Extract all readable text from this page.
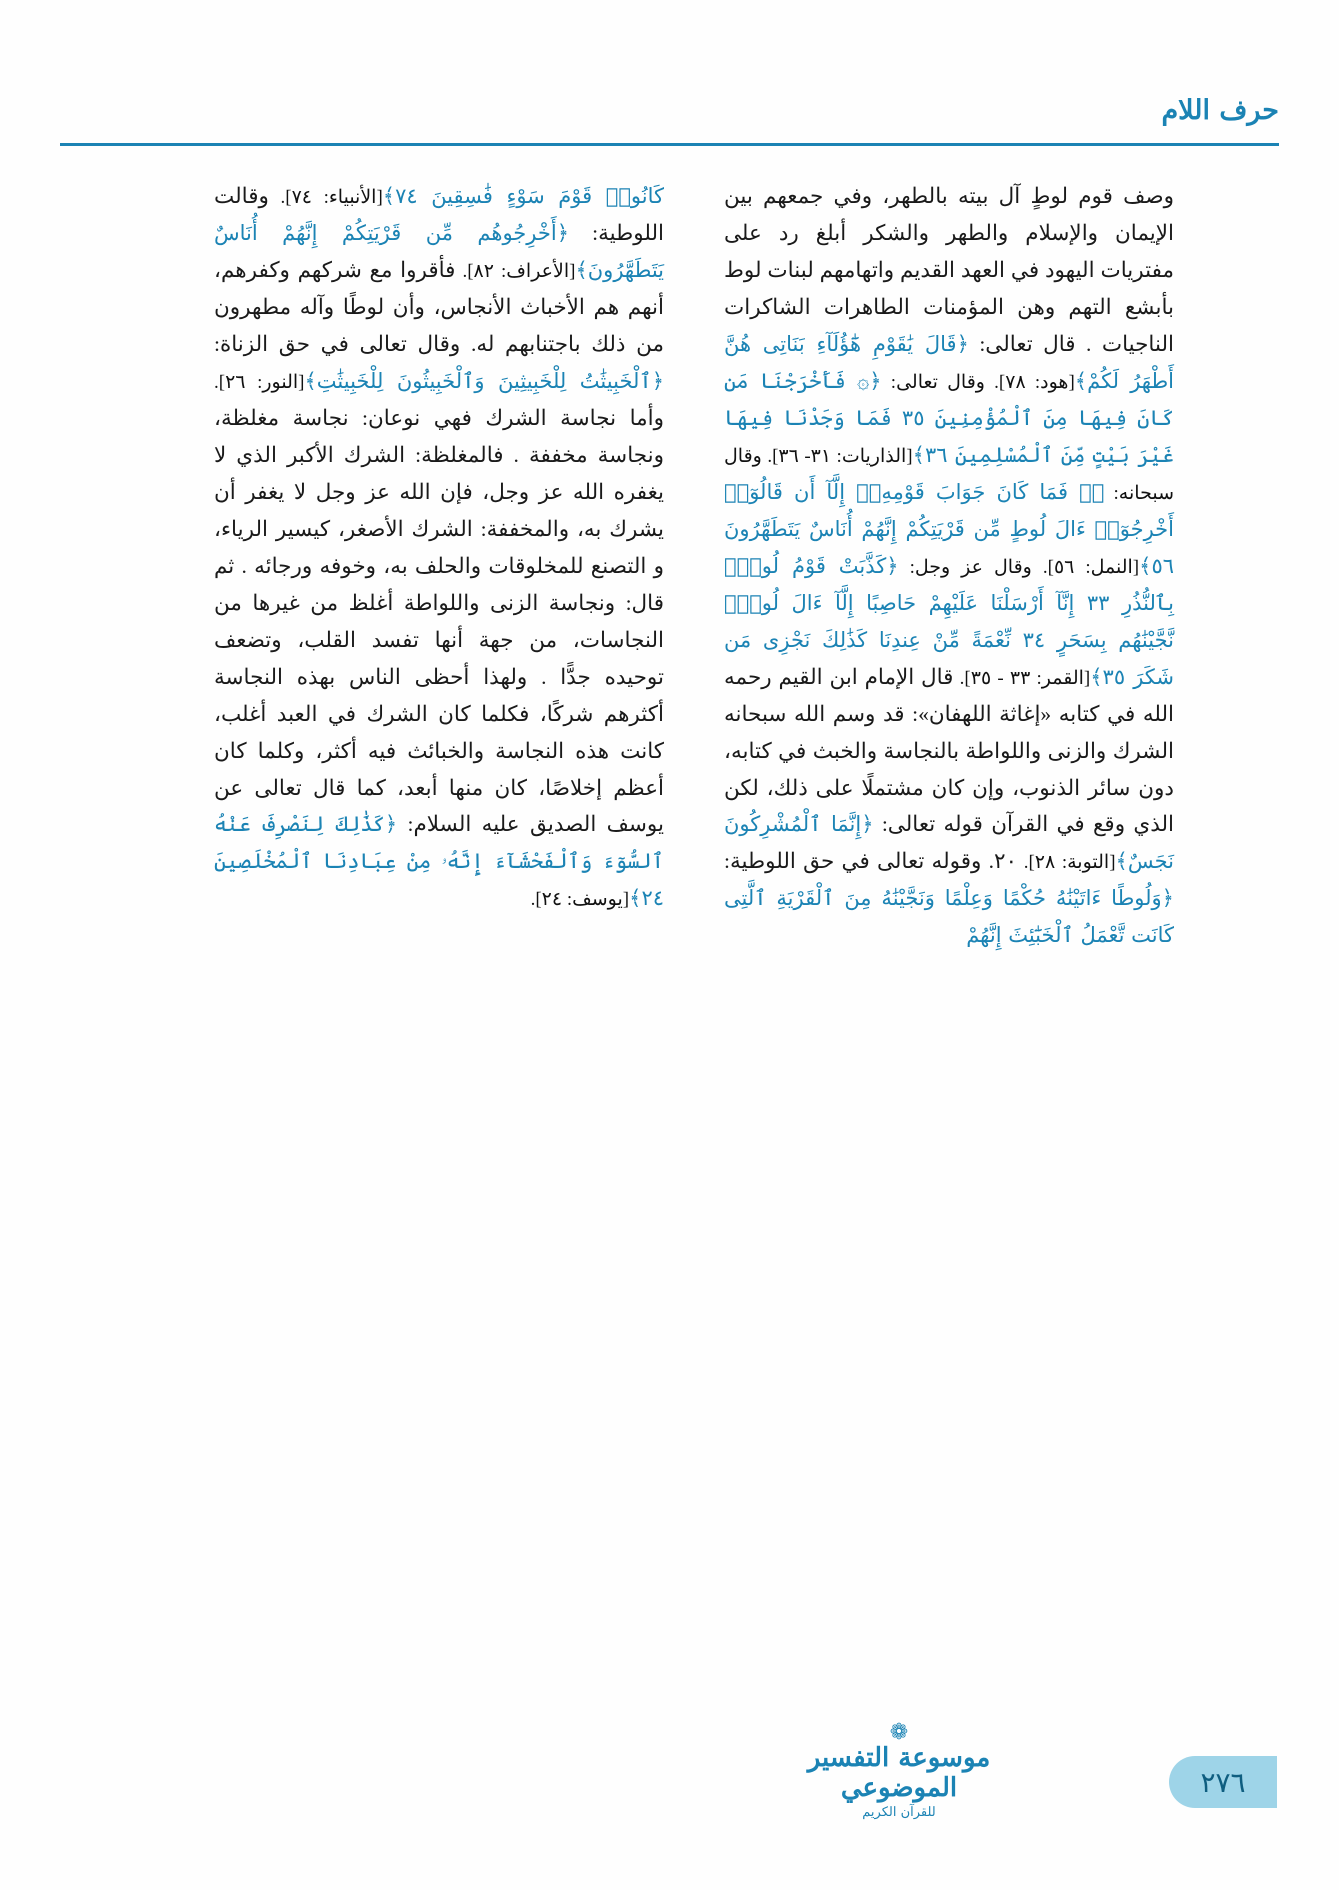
حرف اللام

وصف قوم لوطٍ آل بيته بالطهر، وفي جمعهم بين الإيمان والإسلام والطهر والشكر أبلغ رد على مفتريات اليهود في العهد القديم واتهامهم لبنات لوط بأبشع التهم وهن المؤمنات الطاهرات الشاكرات الناجيات . قال تعالى: ﴿قَالَ يَٰقَوْمِ هَٰٓؤُلَآءِ بَنَاتِى هُنَّ أَطْهَرُ لَكُمْ﴾[هود: ٧٨]. وقال تعالى: ﴿۞ فَأَخْرَجْنَا مَن كَانَ فِيهَا مِنَ ٱلْمُؤْمِنِينَ ٣٥ فَمَا وَجَدْنَا فِيهَا غَيْرَ بَيْتٍ مِّنَ ٱلْمُسْلِمِينَ ٣٦﴾[الذاريات: ٣١- ٣٦]. وقال سبحانه: ﴿۞ فَمَا كَانَ جَوَابَ قَوْمِهِۦٓ إِلَّآ أَن قَالُوٓا۟ أَخْرِجُوٓا۟ ءَالَ لُوطٍ مِّن قَرْيَتِكُمْ إِنَّهُمْ أُنَاسٌ يَتَطَهَّرُونَ ٥٦﴾[النمل: ٥٦]. وقال عز وجل: ﴿كَذَّبَتْ قَوْمُ لُوطٍۭ بِٱلنُّذُرِ ٣٣ إِنَّآ أَرْسَلْنَا عَلَيْهِمْ حَاصِبًا إِلَّآ ءَالَ لُوطٍۢ نَّجَّيْنَٰهُم بِسَحَرٍ ٣٤ نِّعْمَةً مِّنْ عِندِنَا كَذَٰلِكَ نَجْزِى مَن شَكَرَ ٣٥﴾[القمر: ٣٣ - ٣٥]. قال الإمام ابن القيم رحمه الله في كتابه «إغاثة اللهفان»: قد وسم الله سبحانه الشرك والزنى واللواطة بالنجاسة والخبث في كتابه، دون سائر الذنوب، وإن كان مشتملًا على ذلك، لكن الذي وقع في القرآن قوله تعالى: ﴿إِنَّمَا ٱلْمُشْرِكُونَ نَجَسٌ﴾[التوبة: ٢٨]. ٢٠. وقوله تعالى في حق اللوطية: ﴿وَلُوطًا ءَاتَيْنَٰهُ حُكْمًا وَعِلْمًا وَنَجَّيْنَٰهُ مِنَ ٱلْقَرْيَةِ ٱلَّتِى كَانَت تَّعْمَلُ ٱلْخَبَٰٓئِثَ إِنَّهُمْ

كَانُوا۟ قَوْمَ سَوْءٍ فَٰسِقِينَ ٧٤﴾[الأنبياء: ٧٤]. وقالت اللوطية: ﴿أَخْرِجُوهُم مِّن قَرْيَتِكُمْ إِنَّهُمْ أُنَاسٌ يَتَطَهَّرُونَ﴾[الأعراف: ٨٢]. فأقروا مع شركهم وكفرهم، أنهم هم الأخباث الأنجاس، وأن لوطًا وآله مطهرون من ذلك باجتنابهم له. وقال تعالى في حق الزناة: ﴿ٱلْخَبِيثَٰتُ لِلْخَبِيثِينَ وَٱلْخَبِيثُونَ لِلْخَبِيثَٰتِ﴾[النور: ٢٦]. وأما نجاسة الشرك فهي نوعان: نجاسة مغلظة، ونجاسة مخففة . فالمغلظة: الشرك الأكبر الذي لا يغفره الله عز وجل، فإن الله عز وجل لا يغفر أن يشرك به، والمخففة: الشرك الأصغر، كيسير الرياء، و التصنع للمخلوقات والحلف به، وخوفه ورجائه . ثم قال: ونجاسة الزنى واللواطة أغلظ من غيرها من النجاسات، من جهة أنها تفسد القلب، وتضعف توحيده جدًّا . ولهذا أحظى الناس بهذه النجاسة أكثرهم شركًا، فكلما كان الشرك في العبد أغلب، كانت هذه النجاسة والخبائث فيه أكثر، وكلما كان أعظم إخلاصًا، كان منها أبعد، كما قال تعالى عن يوسف الصديق عليه السلام: ﴿كَذَٰلِكَ لِنَصْرِفَ عَنْهُ ٱلسُّوٓءَ وَٱلْفَحْشَآءَ إِنَّهُۥ مِنْ عِبَادِنَا ٱلْمُخْلَصِينَ ٢٤﴾[يوسف: ٢٤].

❁
موسوعة التفسير الموضوعي
للقرآن الكريم
٢٧٦
